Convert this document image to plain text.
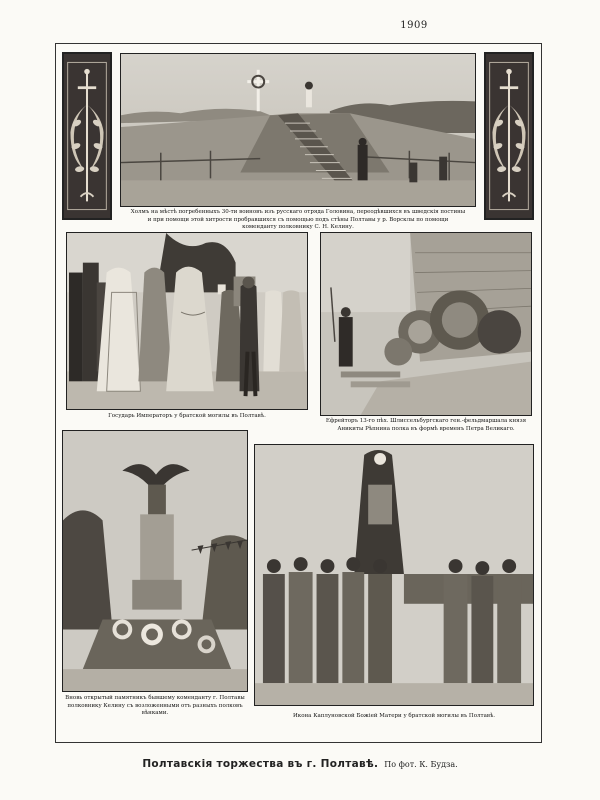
1909
Холмъ на мѣстѣ погребенныхъ 30-ти воиновъ изъ русскаго отряда Головина, переодѣвшихся въ шведскія постины и при помощи этой хитрости пробравшихся съ помощью подъ стѣны Полтавы у р. Ворсклы по помощи коменданту полковнику С. Н. Келину.
Государь Императоръ у братской могилы въ Полтавѣ.
Ефрейторъ 13-го пѣх. Шлиссельбургскаго ген.-фельдмаршала князя Аникиты Рѣпнина полка въ формѣ временъ Петра Великаго.
Вновь открытый памятникъ бывшему коменданту г. Полтавы полковнику Келину съ возложенными отъ разныхъ полковъ вѣнками.	Икона Каплуновской Божіей Матери у братской могилы въ Полтавѣ.
Полтавскія торжества въ г. Полтавѣ. По фот. К. Будза.
